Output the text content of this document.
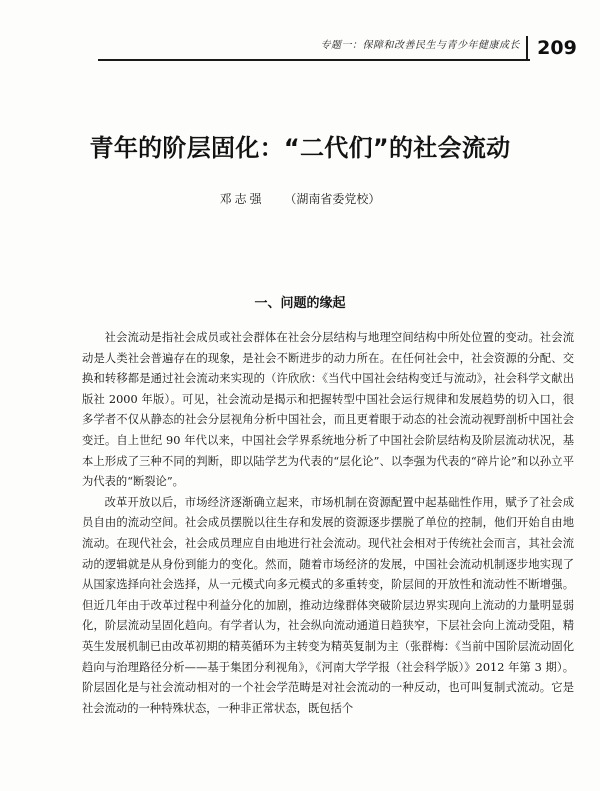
专题一：保障和改善民生与青少年健康成长 209
青年的阶层固化：“二代们”的社会流动
邓志强 （湖南省委党校）
一、问题的缘起

社会流动是指社会成员或社会群体在社会分层结构与地理空间结构中所处位置的变动。社会流动是人类社会普遍存在的现象，是社会不断进步的动力所在。在任何社会中，社会资源的分配、交换和转移都是通过社会流动来实现的（许欣欣：《当代中国社会结构变迁与流动》，社会科学文献出版社 2000 年版）。可见，社会流动是揭示和把握转型中国社会运行规律和发展趋势的切入口，很多学者不仅从静态的社会分层视角分析中国社会，而且更着眼于动态的社会流动视野剖析中国社会变迁。自上世纪 90 年代以来，中国社会学界系统地分析了中国社会阶层结构及阶层流动状况，基本上形成了三种不同的判断，即以陆学艺为代表的“层化论”、以李强为代表的“碎片论”和以孙立平为代表的“断裂论”。

改革开放以后，市场经济逐渐确立起来，市场机制在资源配置中起基础性作用，赋予了社会成员自由的流动空间。社会成员摆脱以往生存和发展的资源逐步摆脱了单位的控制，他们开始自由地流动。在现代社会，社会成员理应自由地进行社会流动。现代社会相对于传统社会而言，其社会流动的逻辑就是从身份到能力的变化。然而，随着市场经济的发展，中国社会流动机制逐步地实现了从国家选择向社会选择，从一元模式向多元模式的多重转变，阶层间的开放性和流动性不断增强。但近几年由于改革过程中利益分化的加剧，推动边缘群体突破阶层边界实现向上流动的力量明显弱化，阶层流动呈固化趋向。有学者认为，社会纵向流动通道日趋狭窄，下层社会向上流动受阻，精英生发展机制已由改革初期的精英循环为主转变为精英复制为主（张群梅：《当前中国阶层流动固化趋向与治理路径分析——基于集团分利视角》，《河南大学学报（社会科学版）》2012 年第 3 期）。阶层固化是与社会流动相对的一个社会学范畴是对社会流动的一种反动，也可叫复制式流动。它是社会流动的一种特殊状态，一种非正常状态，既包括个
